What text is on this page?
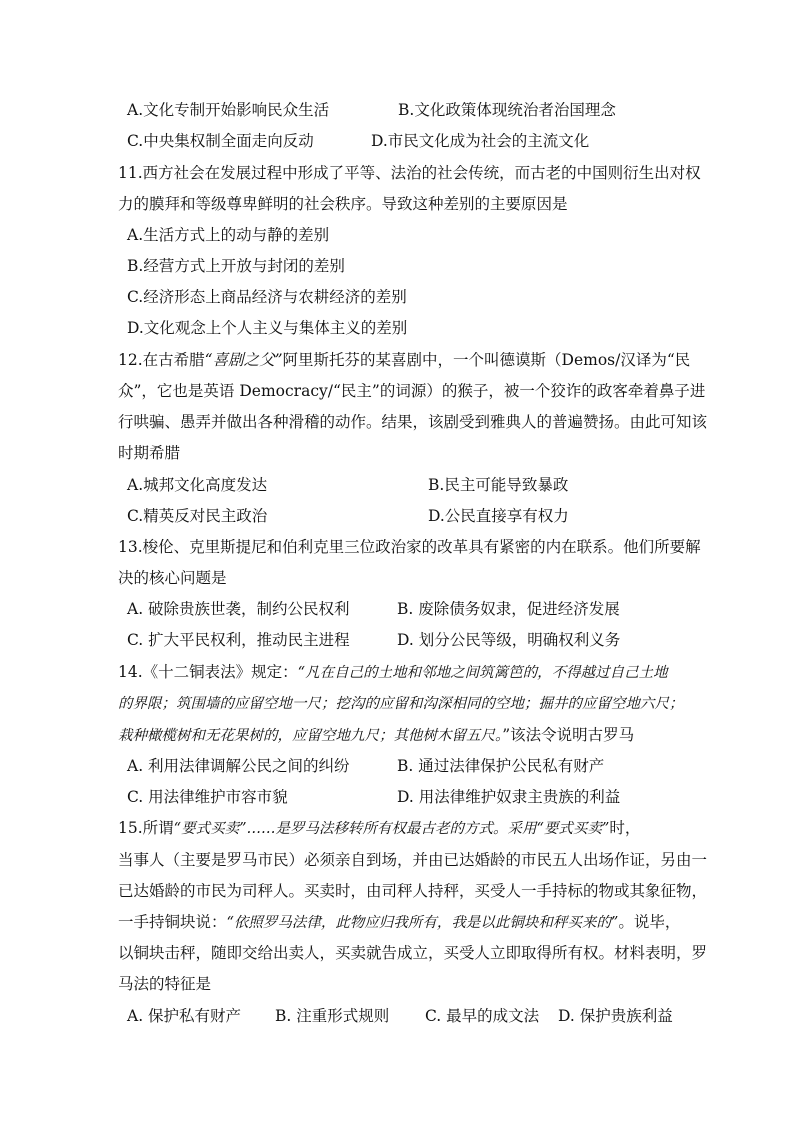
A.文化专制开始影响民众生活	B.文化政策体现统治者治国理念
C.中央集权制全面走向反动	D.市民文化成为社会的主流文化
11.西方社会在发展过程中形成了平等、法治的社会传统，而古老的中国则衍生出对权
力的膜拜和等级尊卑鲜明的社会秩序。导致这种差别的主要原因是
A.生活方式上的动与静的差别
B.经营方式上开放与封闭的差别
C.经济形态上商品经济与农耕经济的差别
D.文化观念上个人主义与集体主义的差别
12.在古希腊“喜剧之父”阿里斯托芬的某喜剧中，一个叫德谟斯（Demos/汉译为“民
众”，它也是英语 Democracy/“民主”的词源）的猴子，被一个狡诈的政客牵着鼻子进
行哄骗、愚弄并做出各种滑稽的动作。结果，该剧受到雅典人的普遍赞扬。由此可知该
时期希腊
A.城邦文化高度发达	B.民主可能导致暴政
C.精英反对民主政治	D.公民直接享有权力
13.梭伦、克里斯提尼和伯利克里三位政治家的改革具有紧密的内在联系。他们所要解
决的核心问题是
A. 破除贵族世袭，制约公民权利	B. 废除债务奴隶，促进经济发展
C. 扩大平民权利，推动民主进程	D. 划分公民等级，明确权利义务
14.《十二铜表法》规定：“凡在自己的土地和邻地之间筑篱笆的，不得越过自己土地
的界限；筑围墙的应留空地一尺；挖沟的应留和沟深相同的空地；掘井的应留空地六尺；
栽种橄榄树和无花果树的，应留空地九尺；其他树木留五尺。”该法令说明古罗马
A. 利用法律调解公民之间的纠纷	B. 通过法律保护公民私有财产
C. 用法律维护市容市貌	D. 用法律维护奴隶主贵族的利益
15.所谓“要式买卖”……是罗马法移转所有权最古老的方式。采用“要式买卖”时，
当事人（主要是罗马市民）必须亲自到场，并由已达婚龄的市民五人出场作证，另由一
已达婚龄的市民为司秤人。买卖时，由司秤人持秤，买受人一手持标的物或其象征物，
一手持铜块说：“依照罗马法律，此物应归我所有，我是以此铜块和秤买来的”。说毕，
以铜块击秤，随即交给出卖人，买卖就告成立，买受人立即取得所有权。材料表明，罗
马法的特征是
A. 保护私有财产 B. 注重形式规则 C. 最早的成文法 D. 保护贵族利益
